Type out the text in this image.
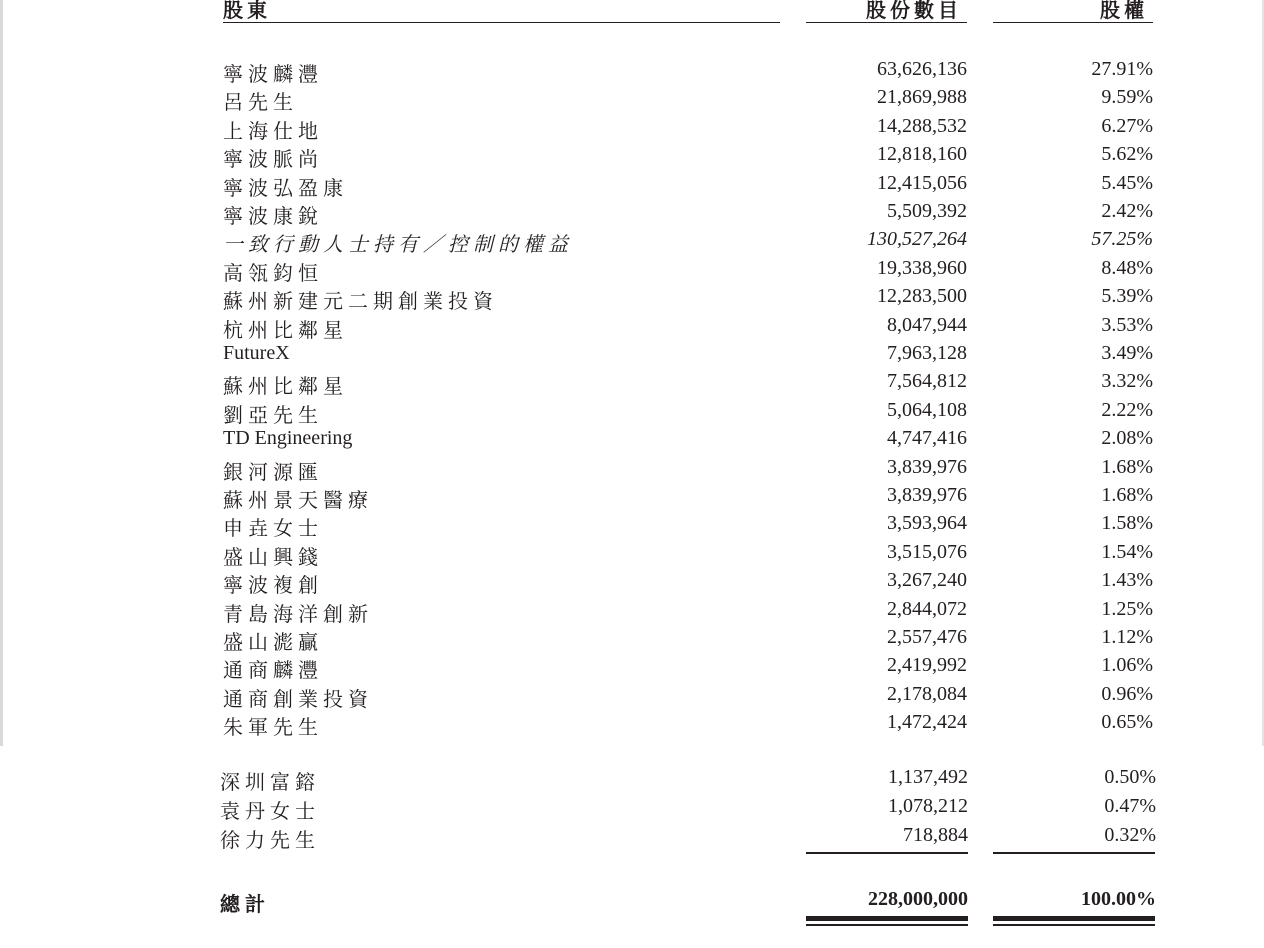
股東	股份數目	股權
寧波麟灃	63,626,136	27.91%
呂先生	21,869,988	9.59%
上海仕地	14,288,532	6.27%
寧波脈尚	12,818,160	5.62%
寧波弘盈康	12,415,056	5.45%
寧波康銳	5,509,392	2.42%
一致行動人士持有／控制的權益	130,527,264	57.25%
高瓴鈞恒	19,338,960	8.48%
蘇州新建元二期創業投資	12,283,500	5.39%
杭州比鄰星	8,047,944	3.53%
FutureX	7,963,128	3.49%
蘇州比鄰星	7,564,812	3.32%
劉亞先生	5,064,108	2.22%
TD Engineering	4,747,416	2.08%
銀河源匯	3,839,976	1.68%
蘇州景天醫療	3,839,976	1.68%
申垚女士	3,593,964	1.58%
盛山興錢	3,515,076	1.54%
寧波複創	3,267,240	1.43%
青島海洋創新	2,844,072	1.25%
盛山滮贏	2,557,476	1.12%
通商麟灃	2,419,992	1.06%
通商創業投資	2,178,084	0.96%
朱軍先生	1,472,424	0.65%
深圳富鎔	1,137,492	0.50%
袁丹女士	1,078,212	0.47%
徐力先生	718,884	0.32%
總計	228,000,000	100.00%
